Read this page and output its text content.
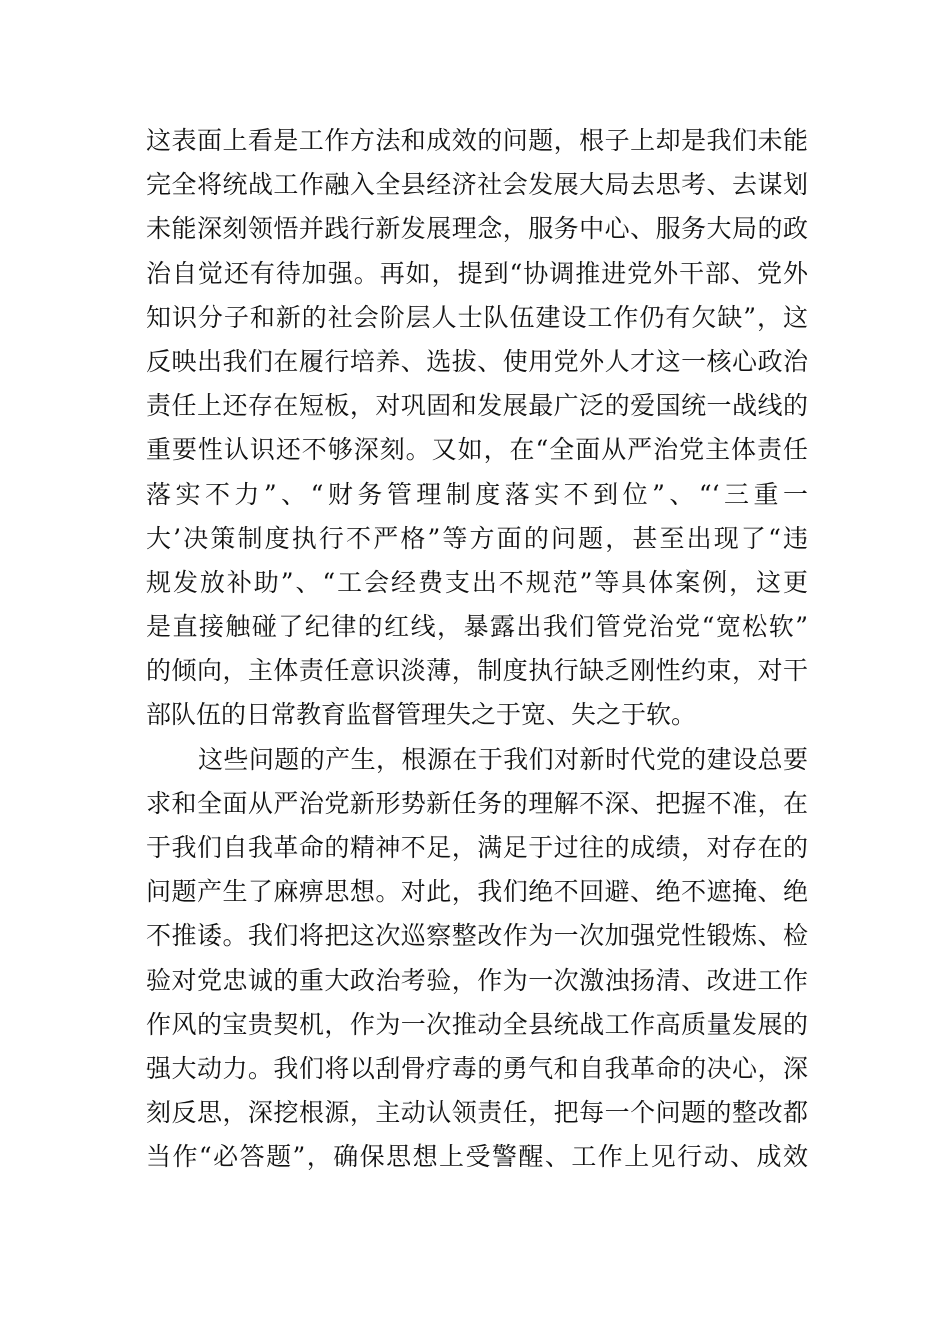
这表面上看是工作方法和成效的问题，根子上却是我们未能
完全将统战工作融入全县经济社会发展大局去思考、去谋划
未能深刻领悟并践行新发展理念，服务中心、服务大局的政
治自觉还有待加强。再如，提到“协调推进党外干部、党外
知识分子和新的社会阶层人士队伍建设工作仍有欠缺”，这
反映出我们在履行培养、选拔、使用党外人才这一核心政治
责任上还存在短板，对巩固和发展最广泛的爱国统一战线的
重要性认识还不够深刻。又如，在“全面从严治党主体责任
落实不力”、“财务管理制度落实不到位”、“‘三重一
大’决策制度执行不严格”等方面的问题，甚至出现了“违
规发放补助”、“工会经费支出不规范”等具体案例，这更
是直接触碰了纪律的红线，暴露出我们管党治党“宽松软”
的倾向，主体责任意识淡薄，制度执行缺乏刚性约束，对干
部队伍的日常教育监督管理失之于宽、失之于软。
这些问题的产生，根源在于我们对新时代党的建设总要
求和全面从严治党新形势新任务的理解不深、把握不准，在
于我们自我革命的精神不足，满足于过往的成绩，对存在的
问题产生了麻痹思想。对此，我们绝不回避、绝不遮掩、绝
不推诿。我们将把这次巡察整改作为一次加强党性锻炼、检
验对党忠诚的重大政治考验，作为一次激浊扬清、改进工作
作风的宝贵契机，作为一次推动全县统战工作高质量发展的
强大动力。我们将以刮骨疗毒的勇气和自我革命的决心，深
刻反思，深挖根源，主动认领责任，把每一个问题的整改都
当作“必答题”，确保思想上受警醒、工作上见行动、成效
